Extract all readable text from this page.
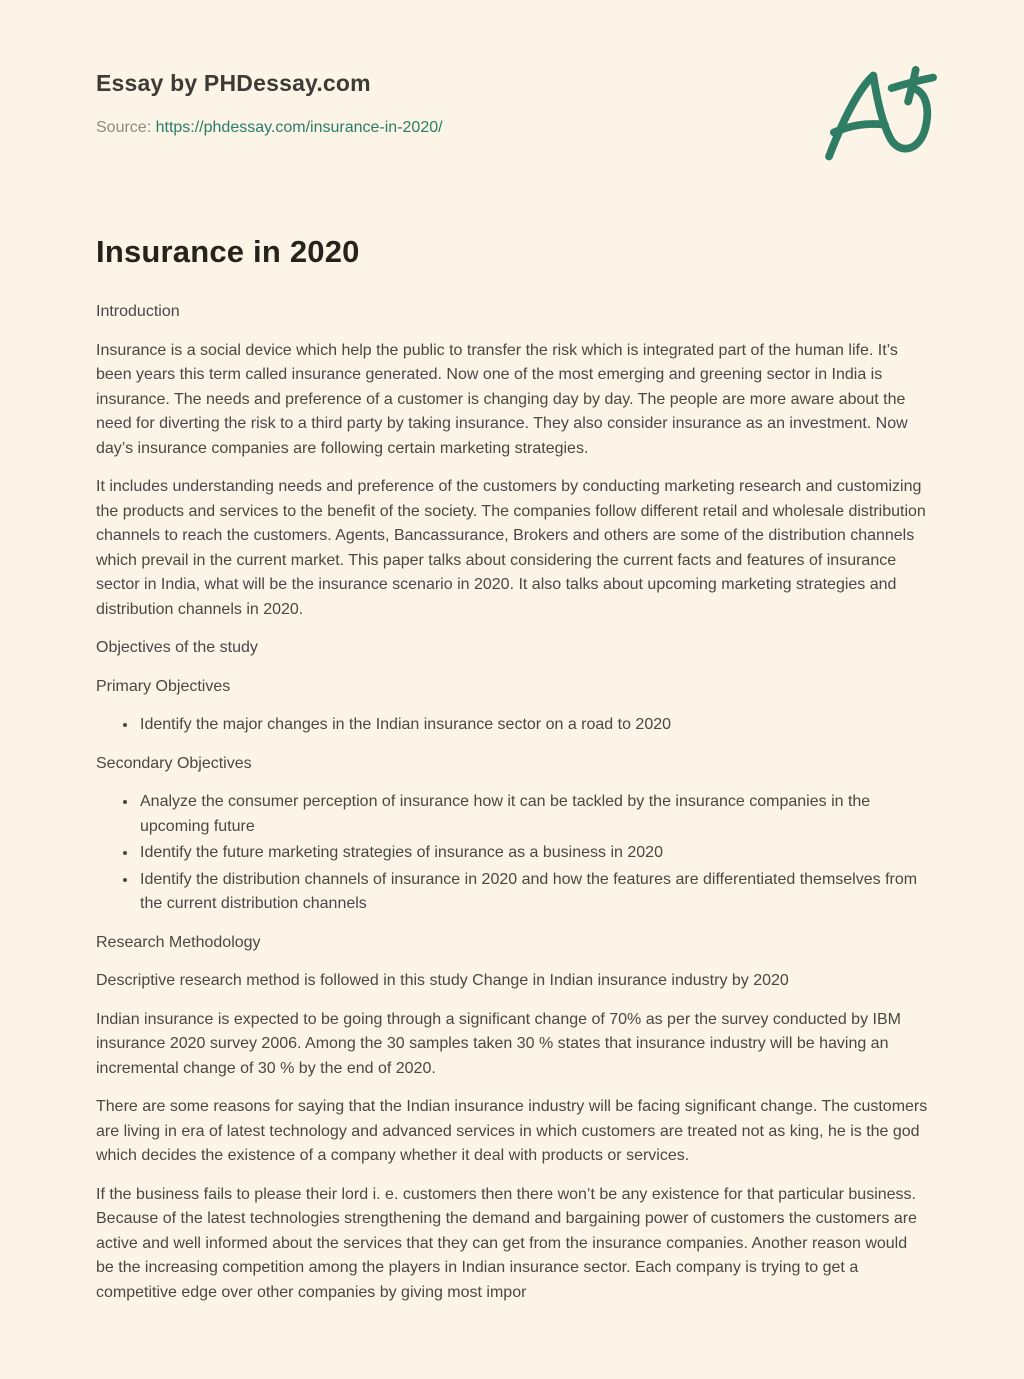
Essay by PHDessay.com
Source: https://phdessay.com/insurance-in-2020/
Insurance in 2020
Introduction

Insurance is a social device which help the public to transfer the risk which is integrated part of the human life. It’s been years this term called insurance generated. Now one of the most emerging and greening sector in India is insurance. The needs and preference of a customer is changing day by day. The people are more aware about the need for diverting the risk to a third party by taking insurance. They also consider insurance as an investment. Now day’s insurance companies are following certain marketing strategies.

It includes understanding needs and preference of the customers by conducting marketing research and customizing the products and services to the benefit of the society. The companies follow different retail and wholesale distribution channels to reach the customers. Agents, Bancassurance, Brokers and others are some of the distribution channels which prevail in the current market. This paper talks about considering the current facts and features of insurance sector in India, what will be the insurance scenario in 2020. It also talks about upcoming marketing strategies and distribution channels in 2020.

Objectives of the study
Primary Objectives
• Identify the major changes in the Indian insurance sector on a road to 2020
Secondary Objectives
• Analyze the consumer perception of insurance how it can be tackled by the insurance companies in the upcoming future
• Identify the future marketing strategies of insurance as a business in 2020
• Identify the distribution channels of insurance in 2020 and how the features are differentiated themselves from the current distribution channels
Research Methodology

Descriptive research method is followed in this study Change in Indian insurance industry by 2020

Indian insurance is expected to be going through a significant change of 70% as per the survey conducted by IBM insurance 2020 survey 2006. Among the 30 samples taken 30 % states that insurance industry will be having an incremental change of 30 % by the end of 2020.

There are some reasons for saying that the Indian insurance industry will be facing significant change. The customers are living in era of latest technology and advanced services in which customers are treated not as king, he is the god which decides the existence of a company whether it deal with products or services.

If the business fails to please their lord i. e. customers then there won’t be any existence for that particular business. Because of the latest technologies strengthening the demand and bargaining power of customers the customers are active and well informed about the services that they can get from the insurance companies. Another reason would be the increasing competition among the players in Indian insurance sector. Each company is trying to get a competitive edge over other companies by giving most impor
